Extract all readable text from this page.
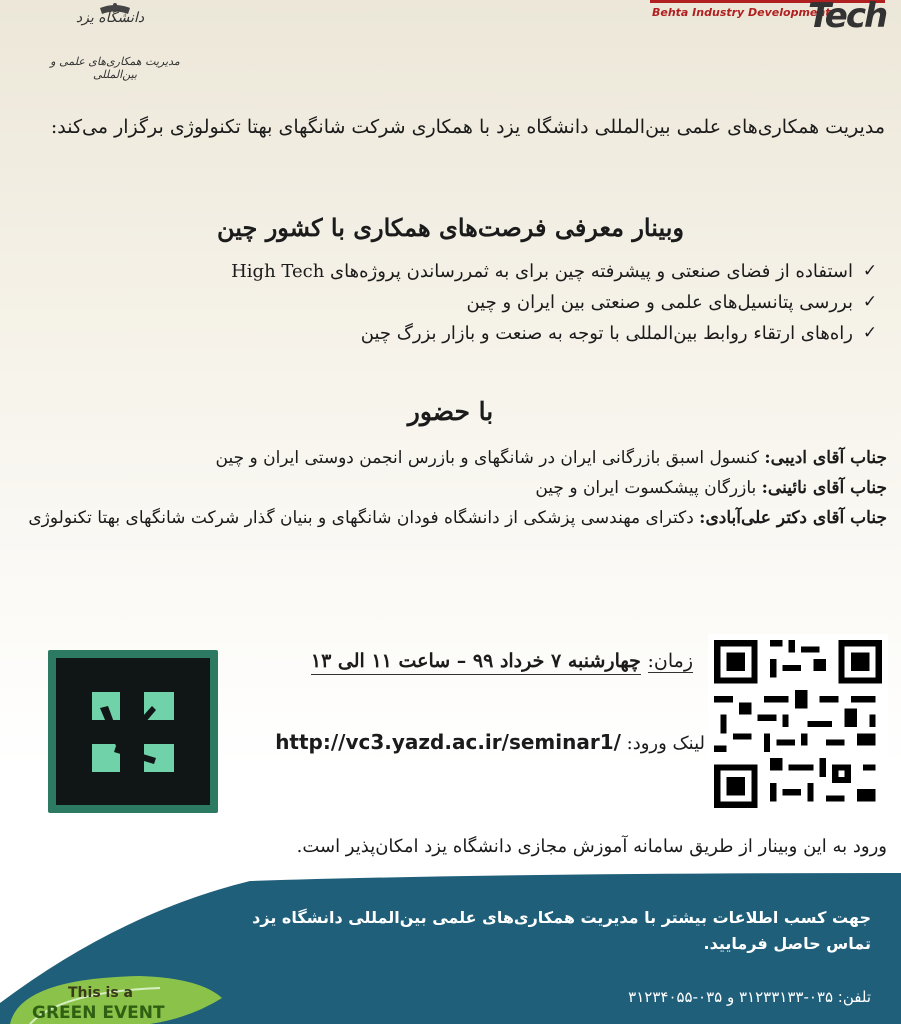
دانشگاه یزد
مدیریت همکاری‌های علمی و بین‌المللی
Behta Industry Development
Tech
مدیریت همکاری‌های علمی بین‌المللی دانشگاه یزد با همکاری شرکت شانگهای بهتا تکنولوژی برگزار می‌کند:
وبینار معرفی فرصت‌های همکاری با کشور چین
✓
استفاده از فضای صنعتی و پیشرفته چین برای به ثمررساندن پروژه‌های High Tech
✓
بررسی پتانسیل‌های علمی و صنعتی بین ایران و چین
✓
راه‌های ارتقاء روابط بین‌المللی با توجه به صنعت و بازار بزرگ چین
با حضور
جناب آقای ادیبی: کنسول اسبق بازرگانی ایران در شانگهای و بازرس انجمن دوستی ایران و چین
جناب آقای نائینی: بازرگان پیشکسوت ایران و چین
جناب آقای دکتر علی‌آبادی: دکترای مهندسی پزشکی از دانشگاه فودان شانگهای و بنیان گذار شرکت شانگهای بهتا تکنولوژی
زمان: چهارشنبه ۷ خرداد ۹۹ – ساعت ۱۱ الی ۱۳
لینک ورود: http://vc3.yazd.ac.ir/seminar1/
ورود به این وبینار از طریق سامانه آموزش مجازی دانشگاه یزد امکان‌پذیر است.
جهت کسب اطلاعات بیشتر با مدیریت همکاری‌های علمی بین‌المللی دانشگاه یزد تماس حاصل فرمایید.
تلفن: ۰۳۵-۳۱۲۳۳۱۳۳ و ۰۳۵-۳۱۲۳۴۰۵۵
This is a
GREEN EVENT
